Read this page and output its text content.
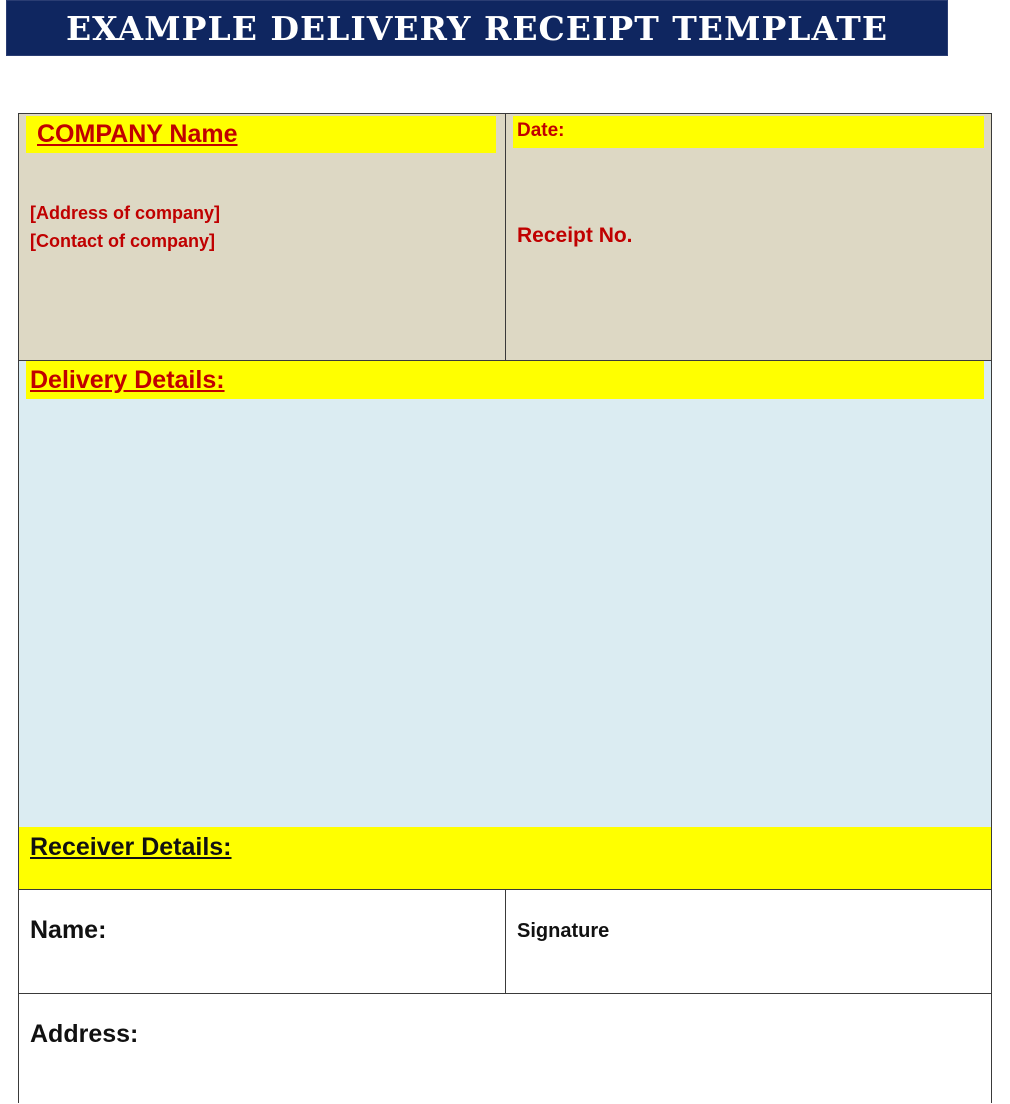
EXAMPLE DELIVERY RECEIPT TEMPLATE
COMPANY Name
[Address of company]
[Contact of company]
Date:
Receipt No.
Delivery Details:
Receiver Details:
Name:	Signature
Address:
